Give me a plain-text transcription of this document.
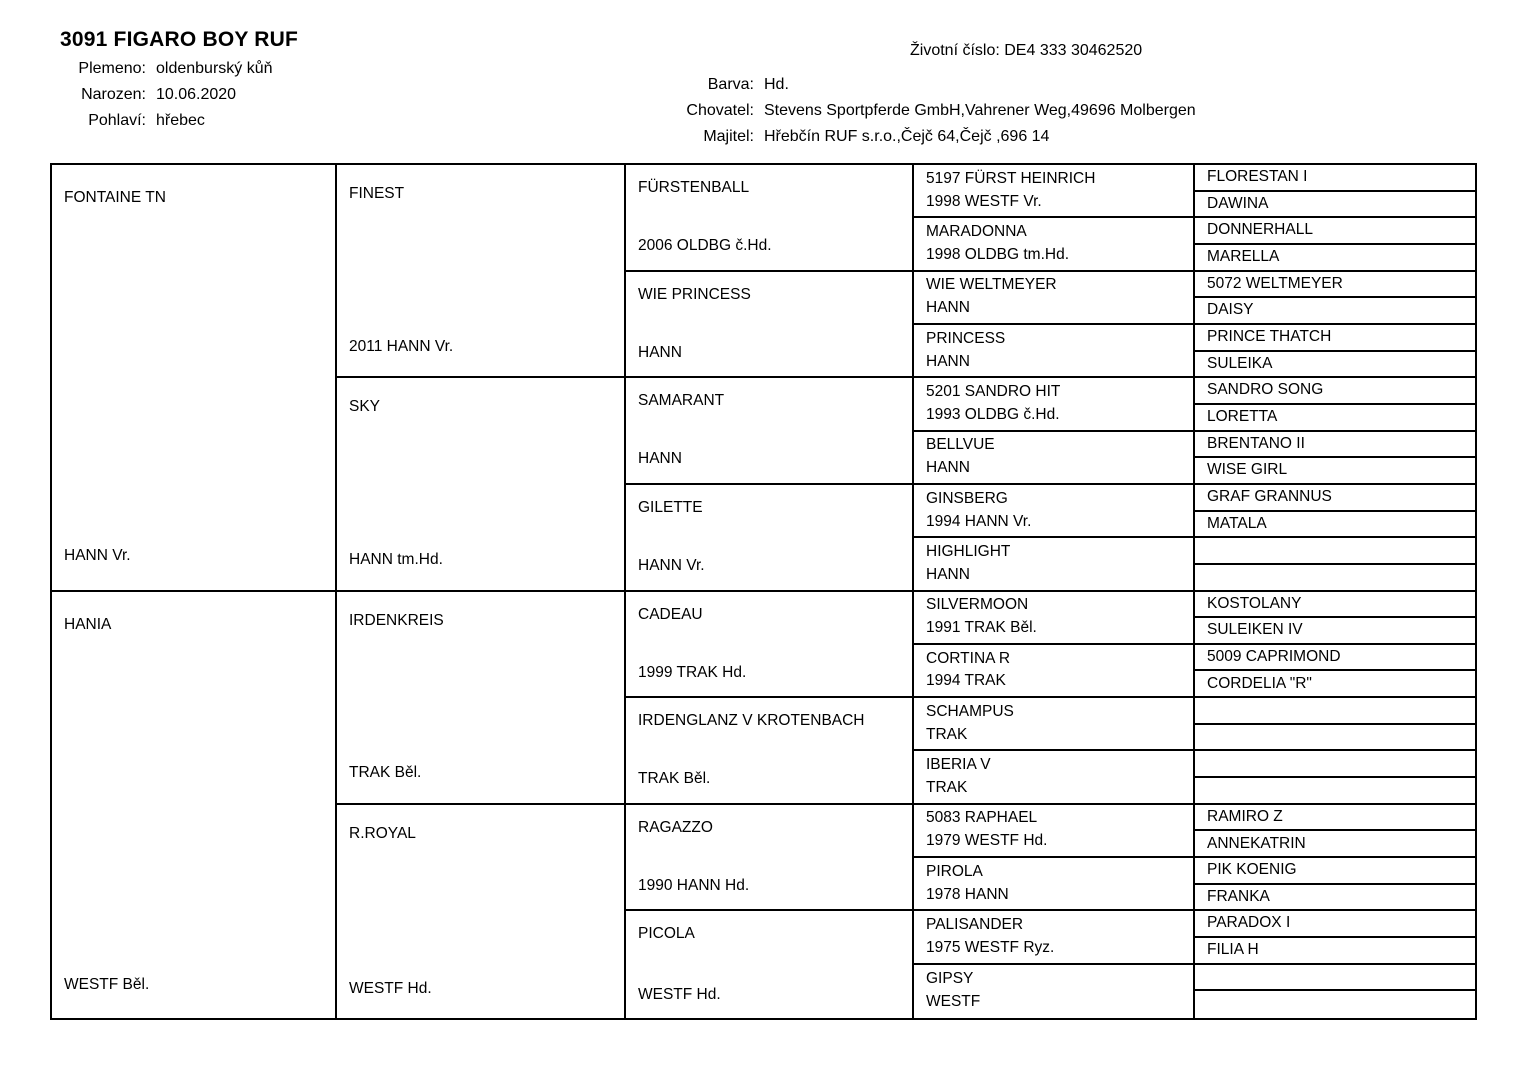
3091 FIGARO BOY RUF
Plemeno: oldenburský kůň
Narozen: 10.06.2020
Pohlaví: hřebec
Životní číslo: DE4 333 30462520
Barva: Hd.
Chovatel: Stevens Sportpferde GmbH,Vahrener Weg,49696 Molbergen
Majitel: Hřebčín RUF s.r.o.,Čejč 64,Čejč ,696 14
FONTAINE TN
HANN Vr.
HANIA
WESTF Běl.
FINEST
2011 HANN Vr.
SKY
HANN tm.Hd.
IRDENKREIS
TRAK Běl.
R.ROYAL
WESTF Hd.
FÜRSTENBALL
2006 OLDBG č.Hd.
WIE PRINCESS
HANN
SAMARANT
HANN
GILETTE
HANN Vr.
CADEAU
1999 TRAK Hd.
IRDENGLANZ V KROTENBACH
TRAK Běl.
RAGAZZO
1990 HANN Hd.
PICOLA
WESTF Hd.
5197 FÜRST HEINRICH
1998 WESTF Vr.
MARADONNA
1998 OLDBG tm.Hd.
WIE WELTMEYER
HANN
PRINCESS
HANN
5201 SANDRO HIT
1993 OLDBG č.Hd.
BELLVUE
HANN
GINSBERG
1994 HANN Vr.
HIGHLIGHT
HANN
SILVERMOON
1991 TRAK Běl.
CORTINA R
1994 TRAK
SCHAMPUS
TRAK
IBERIA V
TRAK
5083 RAPHAEL
1979 WESTF Hd.
PIROLA
1978 HANN
PALISANDER
1975 WESTF Ryz.
GIPSY
WESTF
FLORESTAN I
DAWINA
DONNERHALL
MARELLA
5072 WELTMEYER
DAISY
PRINCE THATCH
SULEIKA
SANDRO SONG
LORETTA
BRENTANO II
WISE GIRL
GRAF GRANNUS
MATALA
KOSTOLANY
SULEIKEN IV
5009 CAPRIMOND
CORDELIA "R"
RAMIRO Z
ANNEKATRIN
PIK KOENIG
FRANKA
PARADOX I
FILIA H
